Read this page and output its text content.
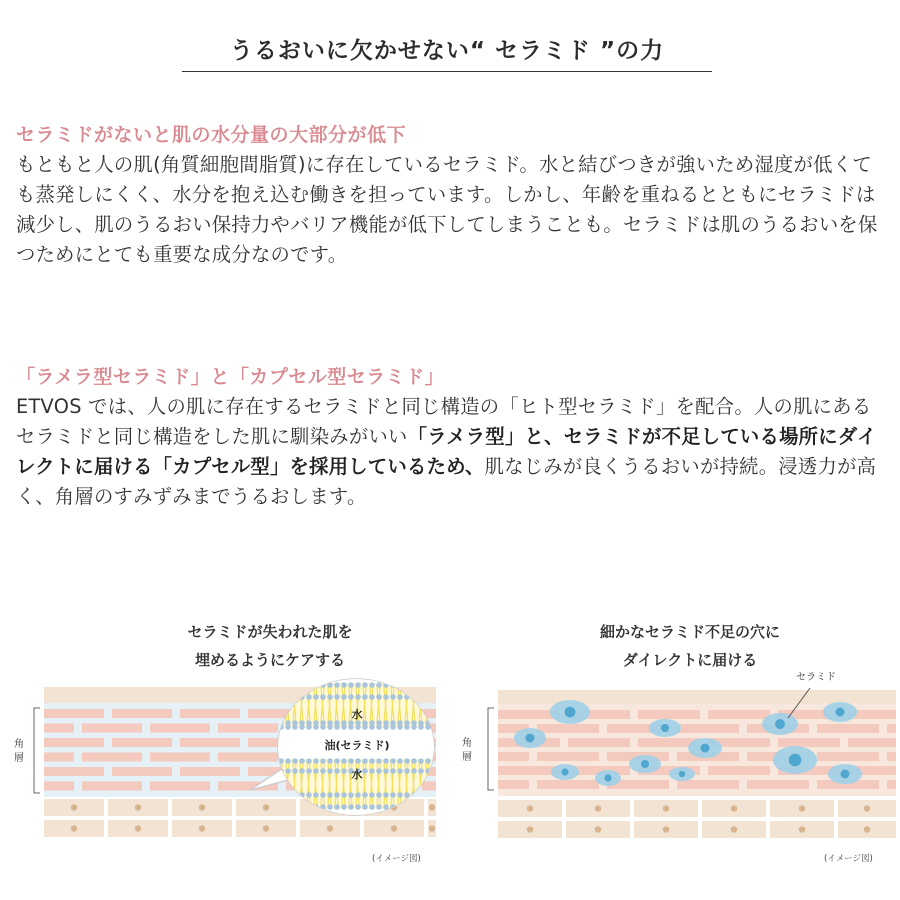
うるおいに欠かせない“ セラミド ”の力
セラミドがないと肌の水分量の大部分が低下

もともと人の肌(角質細胞間脂質)に存在しているセラミド。水と結びつきが強いため湿度が低くても蒸発しにくく、水分を抱え込む働きを担っています。しかし、年齢を重ねるとともにセラミドは減少し、肌のうるおい保持力やバリア機能が低下してしまうことも。セラミドは肌のうるおいを保つためにとても重要な成分なのです。

「ラメラ型セラミド」と「カプセル型セラミド」

ETVOS では、人の肌に存在するセラミドと同じ構造の「ヒト型セラミド」を配合。人の肌にあるセラミドと同じ構造をした肌に馴染みがいい「ラメラ型」と、セラミドが不足している場所にダイレクトに届ける「カプセル型」を採用しているため、肌なじみが良くうるおいが持続。浸透力が高く、角層のすみずみまでうるおします。

セラミドが失われた肌を
埋めるようにケアする
細かなセラミド不足の穴に
ダイレクトに届ける
角
層
水
油(セラミド)
水
(イメージ図)
角
層
セラミド
(イメージ図)
